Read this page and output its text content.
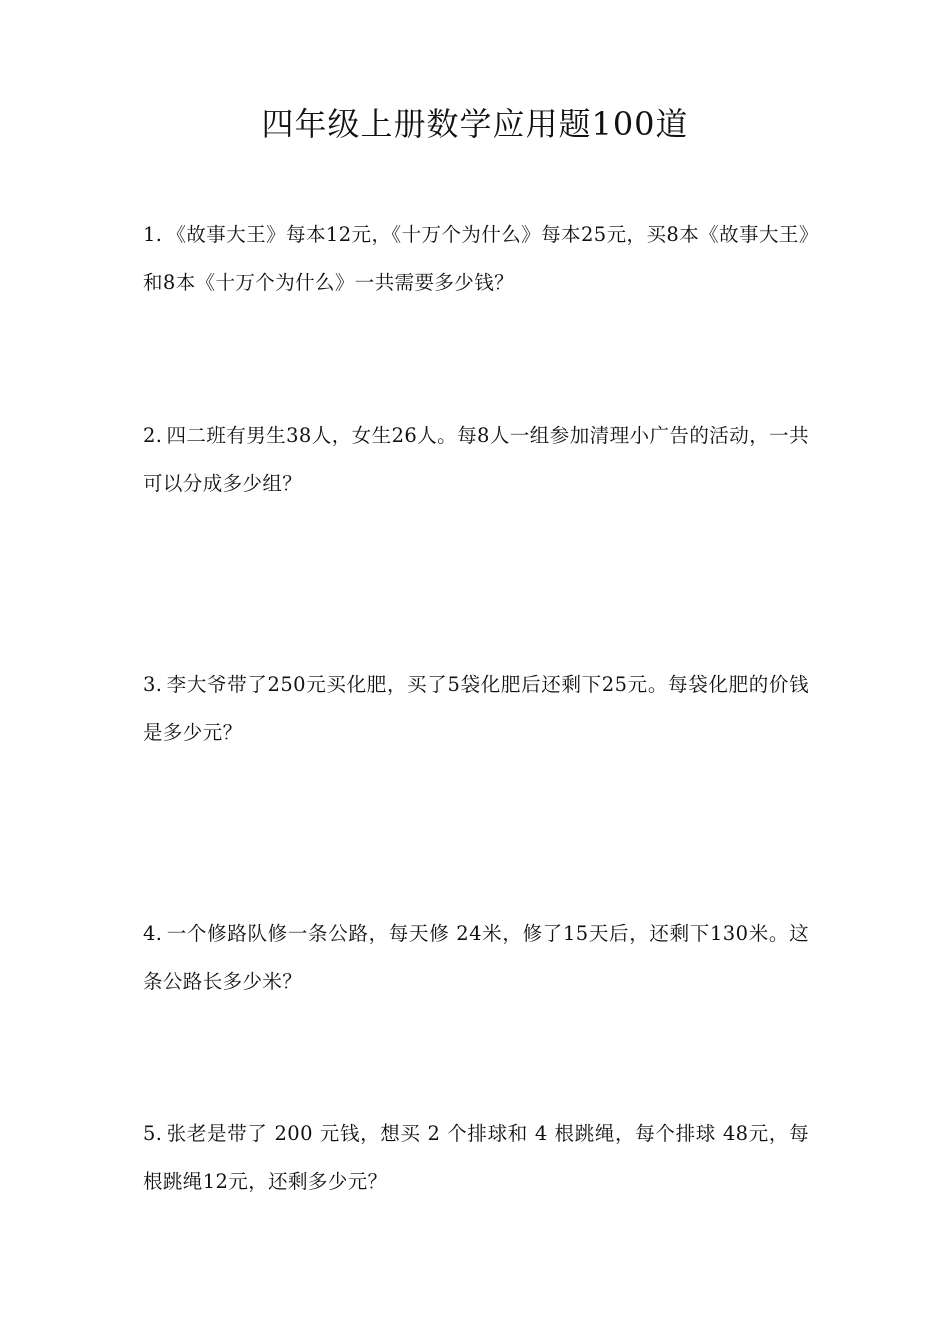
四年级上册数学应用题100道

1. 《故事大王》每本12元，《十万个为什么》每本25元，买8本《故事大王》和8本《十万个为什么》一共需要多少钱？

2. 四二班有男生38人，女生26人。每8人一组参加清理小广告的活动，一共可以分成多少组？

3. 李大爷带了250元买化肥，买了5袋化肥后还剩下25元。每袋化肥的价钱是多少元？

4. 一个修路队修一条公路，每天修 24米，修了15天后，还剩下130米。这条公路长多少米？

5. 张老是带了 200 元钱，想买 2 个排球和 4 根跳绳，每个排球 48元，每根跳绳12元，还剩多少元？
